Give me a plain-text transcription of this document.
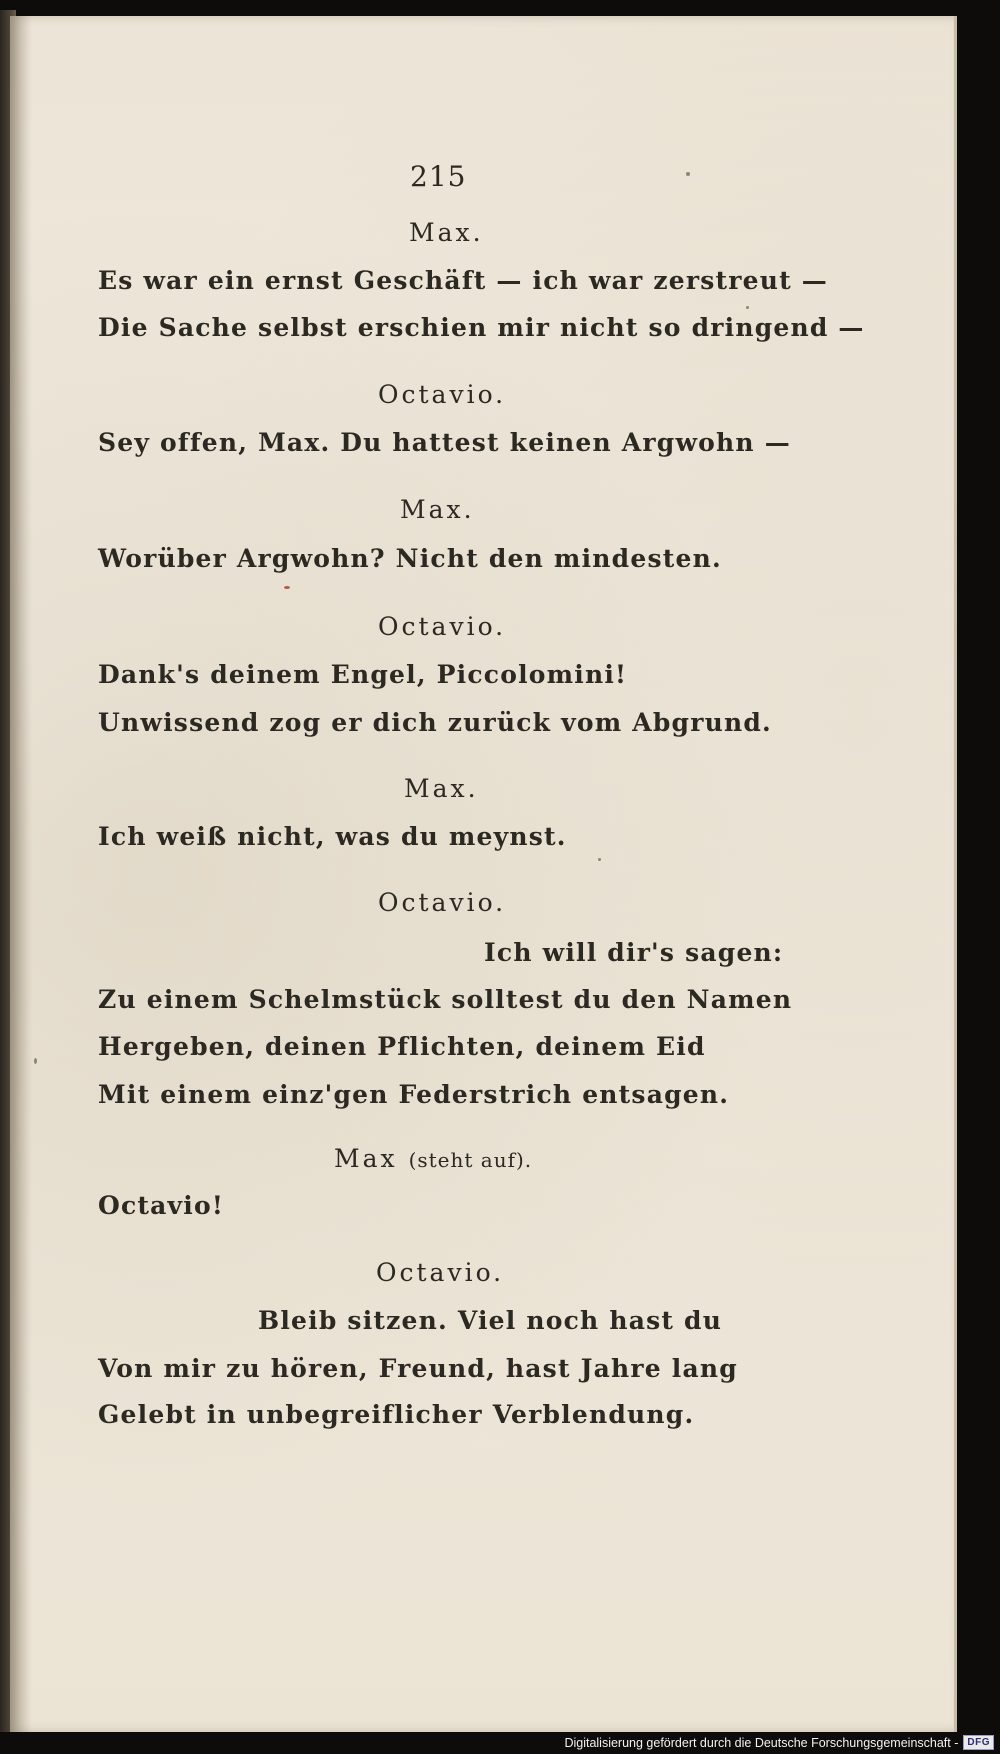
215
Max.
Es war ein ernst Geschäft — ich war zerstreut —
Die Sache selbst erschien mir nicht so dringend —
Octavio.
Sey offen, Max. Du hattest keinen Argwohn —
Max.
Worüber Argwohn? Nicht den mindesten.
Octavio.
Dank's deinem Engel, Piccolomini!
Unwissend zog er dich zurück vom Abgrund.
Max.
Ich weiß nicht, was du meynst.
Octavio.
Ich will dir's sagen:
Zu einem Schelmstück solltest du den Namen
Hergeben, deinen Pflichten, deinem Eid
Mit einem einz'gen Federstrich entsagen.
Max (steht auf).
Octavio!
Octavio.
Bleib sitzen. Viel noch hast du
Von mir zu hören, Freund, hast Jahre lang
Gelebt in unbegreiflicher Verblendung.
Digitalisierung gefördert durch die Deutsche Forschungsgemeinschaft - DFG
